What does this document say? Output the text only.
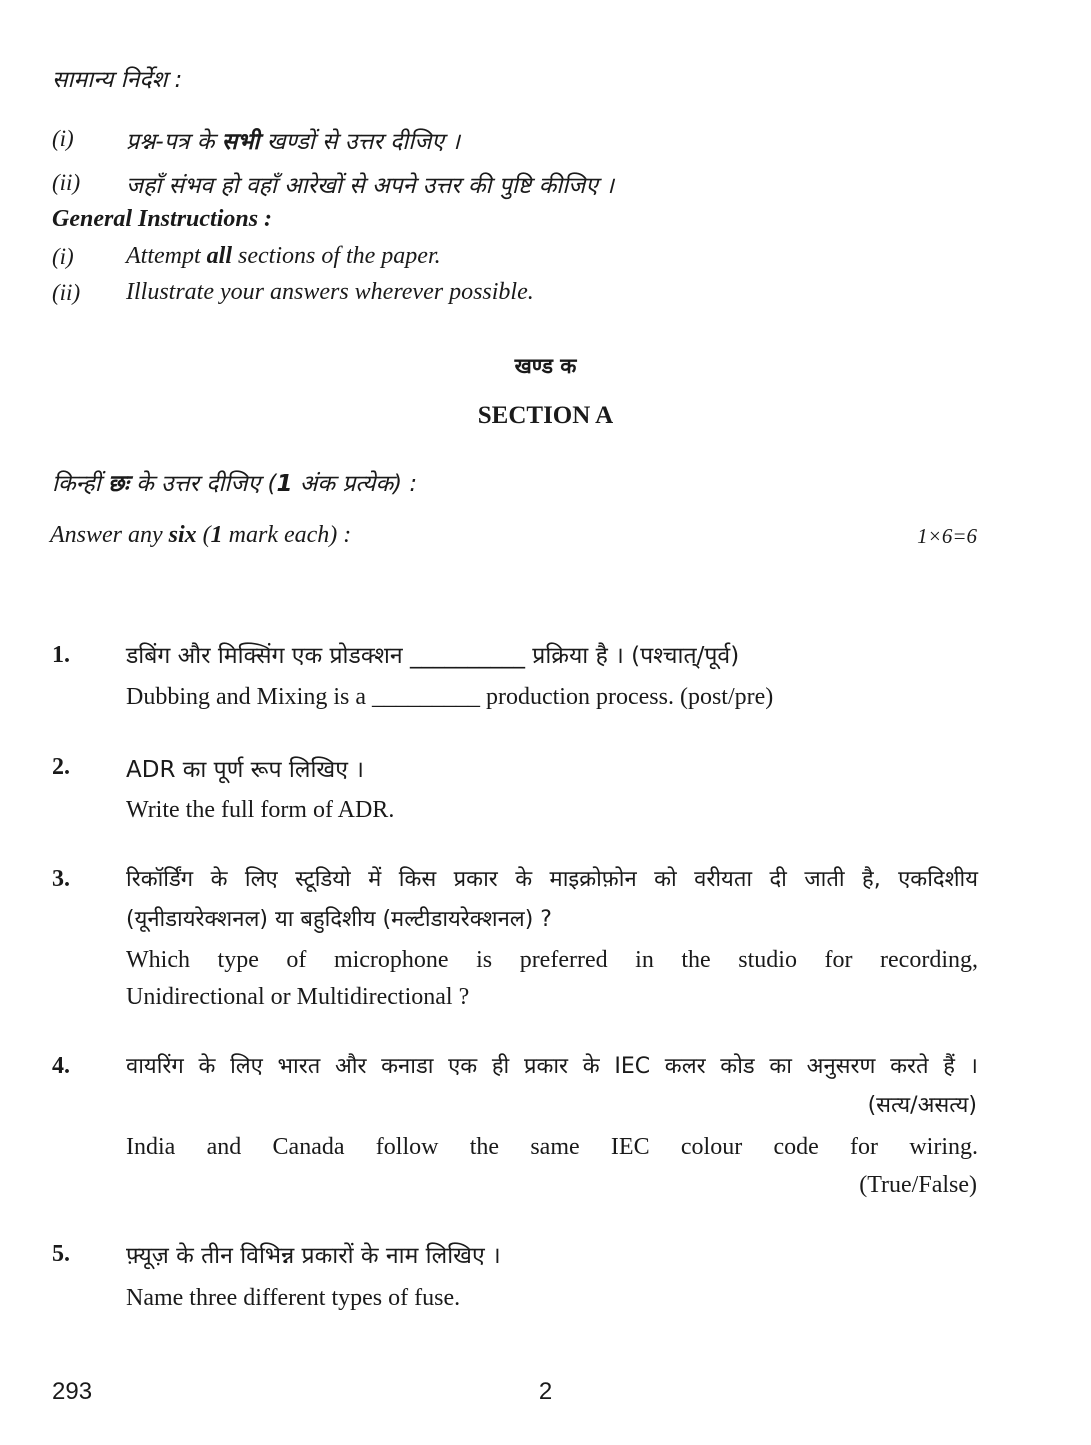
सामान्य निर्देश :
(i) प्रश्न-पत्र के सभी खण्डों से उत्तर दीजिए ।
(ii) जहाँ संभव हो वहाँ आरेखों से अपने उत्तर की पुष्टि कीजिए ।
General Instructions :
(i) Attempt all sections of the paper.
(ii) Illustrate your answers wherever possible.
खण्ड क
SECTION A
किन्हीं छः के उत्तर दीजिए (1 अंक प्रत्येक) :
Answer any six (1 mark each) :	1×6=6
1. डबिंग और मिक्सिंग एक प्रोडक्शन __________ प्रक्रिया है । (पश्चात्/पूर्व)
Dubbing and Mixing is a _________ production process. (post/pre)
2. ADR का पूर्ण रूप लिखिए ।
Write the full form of ADR.
3.	रिकॉर्डिंग के लिए स्टूडियो में किस प्रकार के माइक्रोफ़ोन को वरीयता दी जाती है, एकदिशीय
(यूनीडायरेक्शनल) या बहुदिशीय (मल्टीडायरेक्शनल) ?
Which type of microphone is preferred in the studio for recording,
Unidirectional or Multidirectional ?
4.	वायरिंग के लिए भारत और कनाडा एक ही प्रकार के IEC कलर कोड का अनुसरण करते हैं ।
(सत्य/असत्य)
India and Canada follow the same IEC colour code for wiring.
(True/False)
5. फ़्यूज़ के तीन विभिन्न प्रकारों के नाम लिखिए ।
Name three different types of fuse.
293	2
